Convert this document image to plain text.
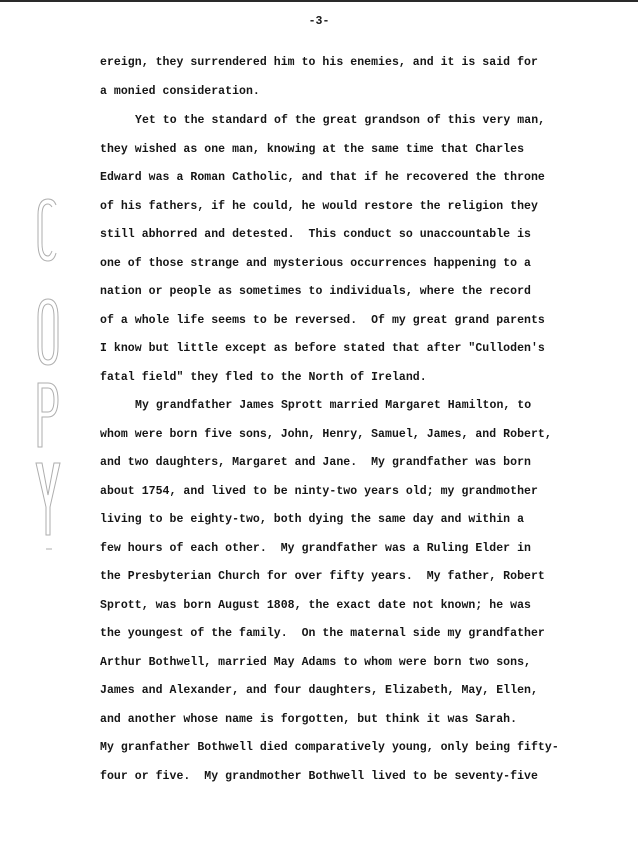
-3-
ereign, they surrendered him to his enemies, and it is said for
a monied consideration.
Yet to the standard of the great grandson of this very man,
they wished as one man, knowing at the same time that Charles
Edward was a Roman Catholic, and that if he recovered the throne
of his fathers, if he could, he would restore the religion they
still abhorred and detested.  This conduct so unaccountable is
one of those strange and mysterious occurrences happening to a
nation or people as sometimes to individuals, where the record
of a whole life seems to be reversed.  Of my great grand parents
I know but little except as before stated that after "Culloden's
fatal field" they fled to the North of Ireland.
My grandfather James Sprott married Margaret Hamilton, to
whom were born five sons, John, Henry, Samuel, James, and Robert,
and two daughters, Margaret and Jane.  My grandfather was born
about 1754, and lived to be ninty-two years old; my grandmother
living to be eighty-two, both dying the same day and within a
few hours of each other.  My grandfather was a Ruling Elder in
the Presbyterian Church for over fifty years.  My father, Robert
Sprott, was born August 1808, the exact date not known; he was
the youngest of the family.  On the maternal side my grandfather
Arthur Bothwell, married May Adams to whom were born two sons,
James and Alexander, and four daughters, Elizabeth, May, Ellen,
and another whose name is forgotten, but think it was Sarah.
My granfather Bothwell died comparatively young, only being fifty-
four or five.  My grandmother Bothwell lived to be seventy-five
